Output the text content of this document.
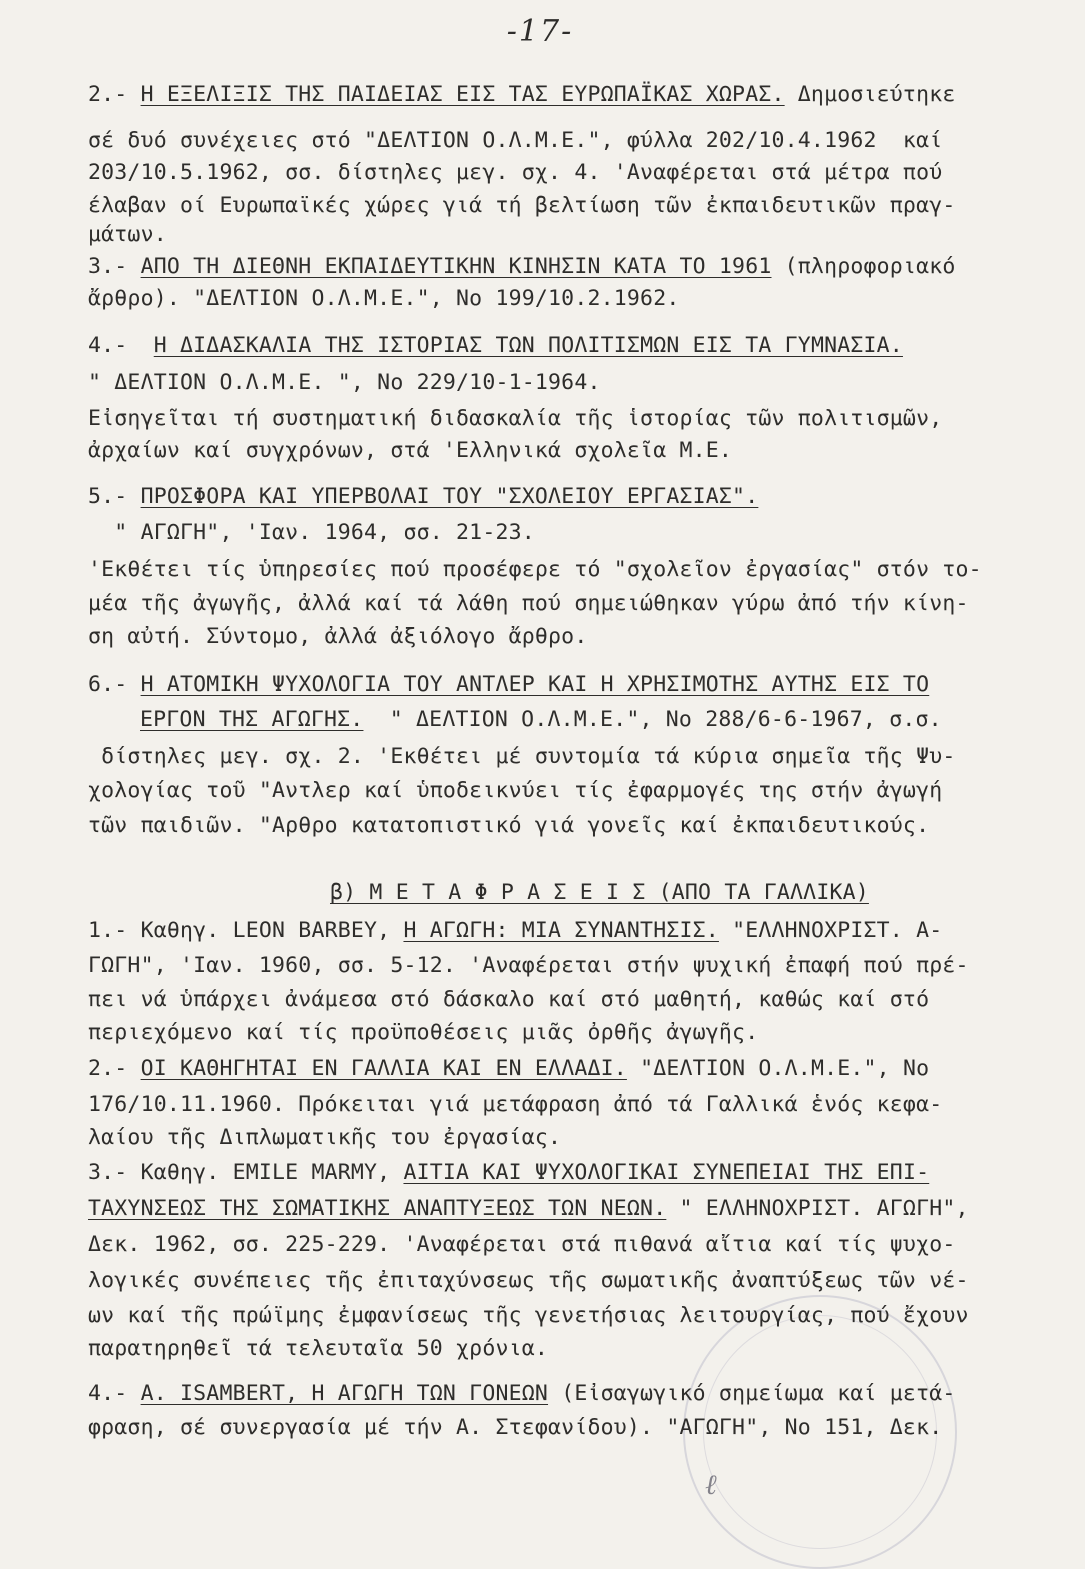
-17-
ℓ
2.- Η ΕΞΕΛΙΞΙΣ ΤΗΣ ΠΑΙΔΕΙΑΣ ΕΙΣ ΤΑΣ ΕΥΡΩΠΑΪΚΑΣ ΧΩΡΑΣ. Δημοσιεύτηκε
σέ δυό συνέχειες στό "ΔΕΛΤΙΟΝ Ο.Λ.Μ.Ε.", φύλλα 202/10.4.1962  καί
203/10.5.1962, σσ. δίστηλες μεγ. σχ. 4. 'Αναφέρεται στά μέτρα πού
έλαβαν οί Ευρωπαϊκές χώρες γιά τή βελτίωση τῶν ἐκπαιδευτικῶν πραγ-
μάτων.
3.- ΑΠΟ ΤΗ ΔΙΕΘΝΗ ΕΚΠΑΙΔΕΥΤΙΚΗΝ ΚΙΝΗΣΙΝ ΚΑΤΑ ΤΟ 1961 (πληροφοριακό
ἄρθρο). "ΔΕΛΤΙΟΝ Ο.Λ.Μ.Ε.", Νο 199/10.2.1962.
4.-  Η ΔΙΔΑΣΚΑΛΙΑ ΤΗΣ ΙΣΤΟΡΙΑΣ ΤΩΝ ΠΟΛΙΤΙΣΜΩΝ ΕΙΣ ΤΑ ΓΥΜΝΑΣΙΑ.
" ΔΕΛΤΙΟΝ Ο.Λ.Μ.Ε. ", Νο 229/10-1-1964.
Εἰσηγεῖται τή συστηματική διδασκαλία τῆς ἱστορίας τῶν πολιτισμῶν,
ἀρχαίων καί συγχρόνων, στά 'Ελληνικά σχολεῖα Μ.Ε.
5.- ΠΡΟΣΦΟΡΑ ΚΑΙ ΥΠΕΡΒΟΛΑΙ ΤΟΥ "ΣΧΟΛΕΙΟΥ ΕΡΓΑΣΙΑΣ".
" ΑΓΩΓΗ", 'Ιαν. 1964, σσ. 21-23.
'Εκθέτει τίς ὑπηρεσίες πού προσέφερε τό "σχολεῖον ἐργασίας" στόν το-
μέα τῆς ἀγωγῆς, ἀλλά καί τά λάθη πού σημειώθηκαν γύρω ἀπό τήν κίνη-
ση αὐτή. Σύντομο, ἀλλά ἀξιόλογο ἄρθρο.
6.- Η ΑΤΟΜΙΚΗ ΨΥΧΟΛΟΓΙΑ ΤΟΥ ΑΝΤΛΕΡ ΚΑΙ Η ΧΡΗΣΙΜΟΤΗΣ ΑΥΤΗΣ ΕΙΣ ΤΟ
ΕΡΓΟΝ ΤΗΣ ΑΓΩΓΗΣ.  " ΔΕΛΤΙΟΝ Ο.Λ.Μ.Ε.", Νο 288/6-6-1967, σ.σ.
δίστηλες μεγ. σχ. 2. 'Εκθέτει μέ συντομία τά κύρια σημεῖα τῆς Ψυ-
χολογίας τοῦ "Αντλερ καί ὑποδεικνύει τίς ἐφαρμογές της στήν ἀγωγή
τῶν παιδιῶν. "Αρθρο κατατοπιστικό γιά γονεῖς καί ἐκπαιδευτικούς.
β) Μ Ε Τ Α Φ Ρ Α Σ Ε Ι Σ (ΑΠΟ ΤΑ ΓΑΛΛΙΚΑ)
1.- Καθηγ. LEON BARBEY, Η ΑΓΩΓΗ: ΜΙΑ ΣΥΝΑΝΤΗΣΙΣ. "ΕΛΛΗΝΟΧΡΙΣΤ. Α-
ΓΩΓΗ", 'Ιαν. 1960, σσ. 5-12. 'Αναφέρεται στήν ψυχική ἐπαφή πού πρέ-
πει νά ὑπάρχει ἀνάμεσα στό δάσκαλο καί στό μαθητή, καθώς καί στό
περιεχόμενο καί τίς προϋποθέσεις μιᾶς ὀρθῆς ἀγωγῆς.
2.- ΟΙ ΚΑΘΗΓΗΤΑΙ ΕΝ ΓΑΛΛΙΑ ΚΑΙ ΕΝ ΕΛΛΑΔΙ. "ΔΕΛΤΙΟΝ Ο.Λ.Μ.Ε.", Νο
176/10.11.1960. Πρόκειται γιά μετάφραση ἀπό τά Γαλλικά ἑνός κεφα-
λαίου τῆς Διπλωματικῆς του ἐργασίας.
3.- Καθηγ. EMILE MARMY, ΑΙΤΙΑ ΚΑΙ ΨΥΧΟΛΟΓΙΚΑΙ ΣΥΝΕΠΕΙΑΙ ΤΗΣ ΕΠΙ-
ΤΑΧΥΝΣΕΩΣ ΤΗΣ ΣΩΜΑΤΙΚΗΣ ΑΝΑΠΤΥΞΕΩΣ ΤΩΝ ΝΕΩΝ. " ΕΛΛΗΝΟΧΡΙΣΤ. ΑΓΩΓΗ",
Δεκ. 1962, σσ. 225-229. 'Αναφέρεται στά πιθανά αἴτια καί τίς ψυχο-
λογικές συνέπειες τῆς ἐπιταχύνσεως τῆς σωματικῆς ἀναπτύξεως τῶν νέ-
ων καί τῆς πρώϊμης ἐμφανίσεως τῆς γενετήσιας λειτουργίας, πού ἔχουν
παρατηρηθεῖ τά τελευταῖα 50 χρόνια.
4.- Α. ISAMBERT, Η ΑΓΩΓΗ ΤΩΝ ΓΟΝΕΩΝ (Εἰσαγωγικό σημείωμα καί μετά-
φραση, σέ συνεργασία μέ τήν Α. Στεφανίδου). "ΑΓΩΓΗ", Νο 151, Δεκ.
